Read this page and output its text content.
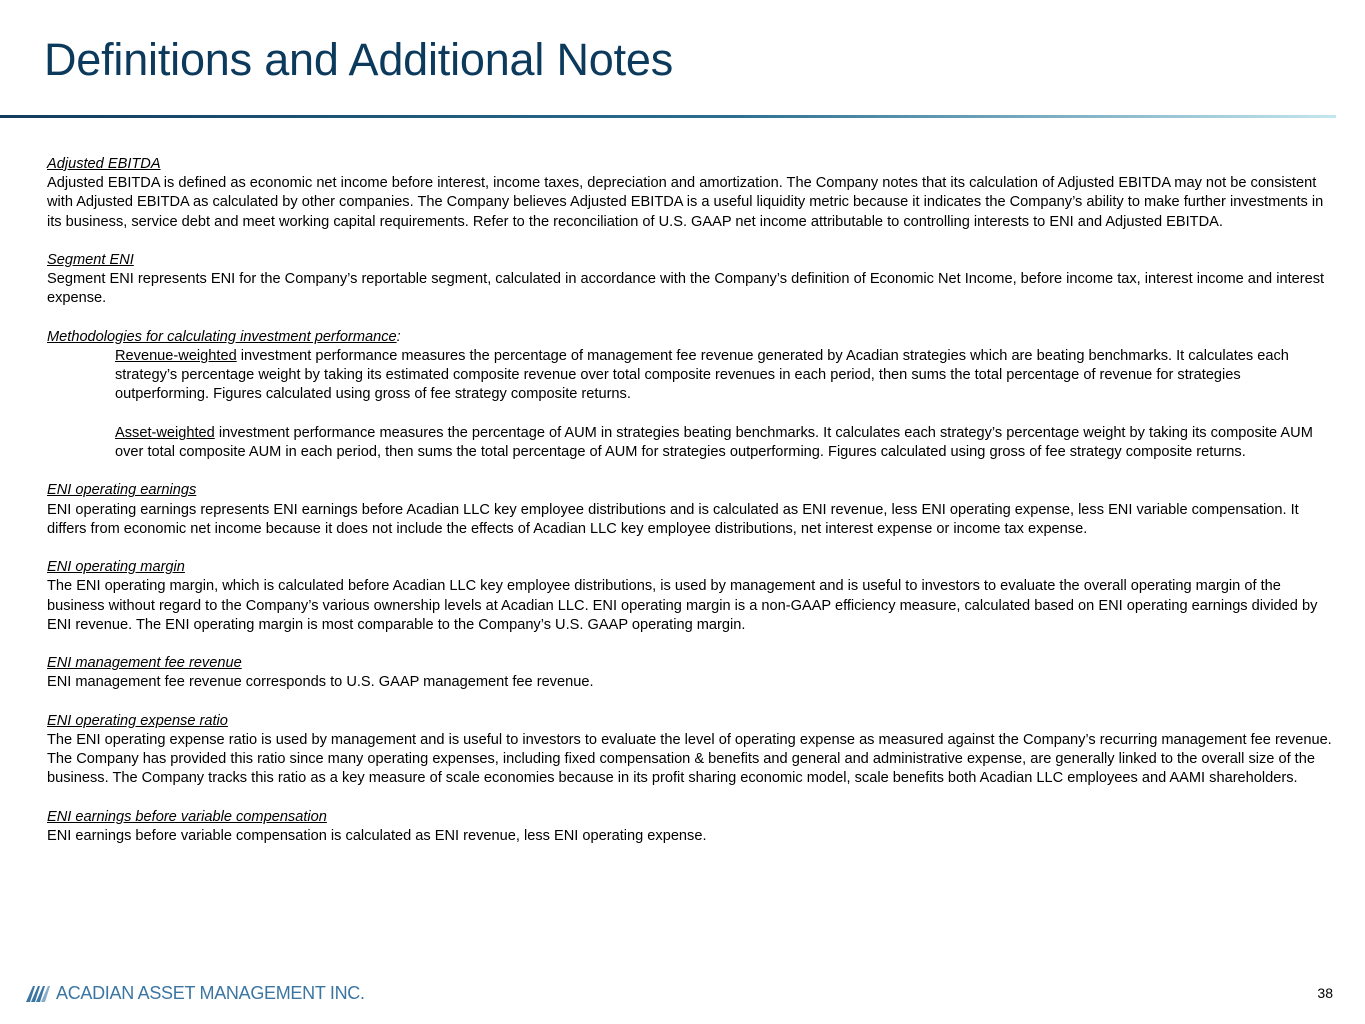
Definitions and Additional Notes
Adjusted EBITDA
Adjusted EBITDA is defined as economic net income before interest, income taxes, depreciation and amortization. The Company notes that its calculation of Adjusted EBITDA may not be consistent with Adjusted EBITDA as calculated by other companies. The Company believes Adjusted EBITDA is a useful liquidity metric because it indicates the Company’s ability to make further investments in its business, service debt and meet working capital requirements. Refer to the reconciliation of U.S. GAAP net income attributable to controlling interests to ENI and Adjusted EBITDA.
Segment ENI
Segment ENI represents ENI for the Company’s reportable segment, calculated in accordance with the Company’s definition of Economic Net Income, before income tax, interest income and interest expense.
Methodologies for calculating investment performance:
Revenue-weighted investment performance measures the percentage of management fee revenue generated by Acadian strategies which are beating benchmarks. It calculates each strategy’s percentage weight by taking its estimated composite revenue over total composite revenues in each period, then sums the total percentage of revenue for strategies outperforming. Figures calculated using gross of fee strategy composite returns.
Asset-weighted investment performance measures the percentage of AUM in strategies beating benchmarks. It calculates each strategy’s percentage weight by taking its composite AUM over total composite AUM in each period, then sums the total percentage of AUM for strategies outperforming. Figures calculated using gross of fee strategy composite returns.
ENI operating earnings
ENI operating earnings represents ENI earnings before Acadian LLC key employee distributions and is calculated as ENI revenue, less ENI operating expense, less ENI variable compensation. It differs from economic net income because it does not include the effects of Acadian LLC key employee distributions, net interest expense or income tax expense.
ENI operating margin
The ENI operating margin, which is calculated before Acadian LLC key employee distributions, is used by management and is useful to investors to evaluate the overall operating margin of the business without regard to the Company’s various ownership levels at Acadian LLC. ENI operating margin is a non-GAAP efficiency measure, calculated based on ENI operating earnings divided by ENI revenue. The ENI operating margin is most comparable to the Company’s U.S. GAAP operating margin.
ENI management fee revenue
ENI management fee revenue corresponds to U.S. GAAP management fee revenue.
ENI operating expense ratio
The ENI operating expense ratio is used by management and is useful to investors to evaluate the level of operating expense as measured against the Company’s recurring management fee revenue. The Company has provided this ratio since many operating expenses, including fixed compensation & benefits and general and administrative expense, are generally linked to the overall size of the business. The Company tracks this ratio as a key measure of scale economies because in its profit sharing economic model, scale benefits both Acadian LLC employees and AAMI shareholders.
ENI earnings before variable compensation
ENI earnings before variable compensation is calculated as ENI revenue, less ENI operating expense.
ACADIAN ASSET MANAGEMENT INC.	38
